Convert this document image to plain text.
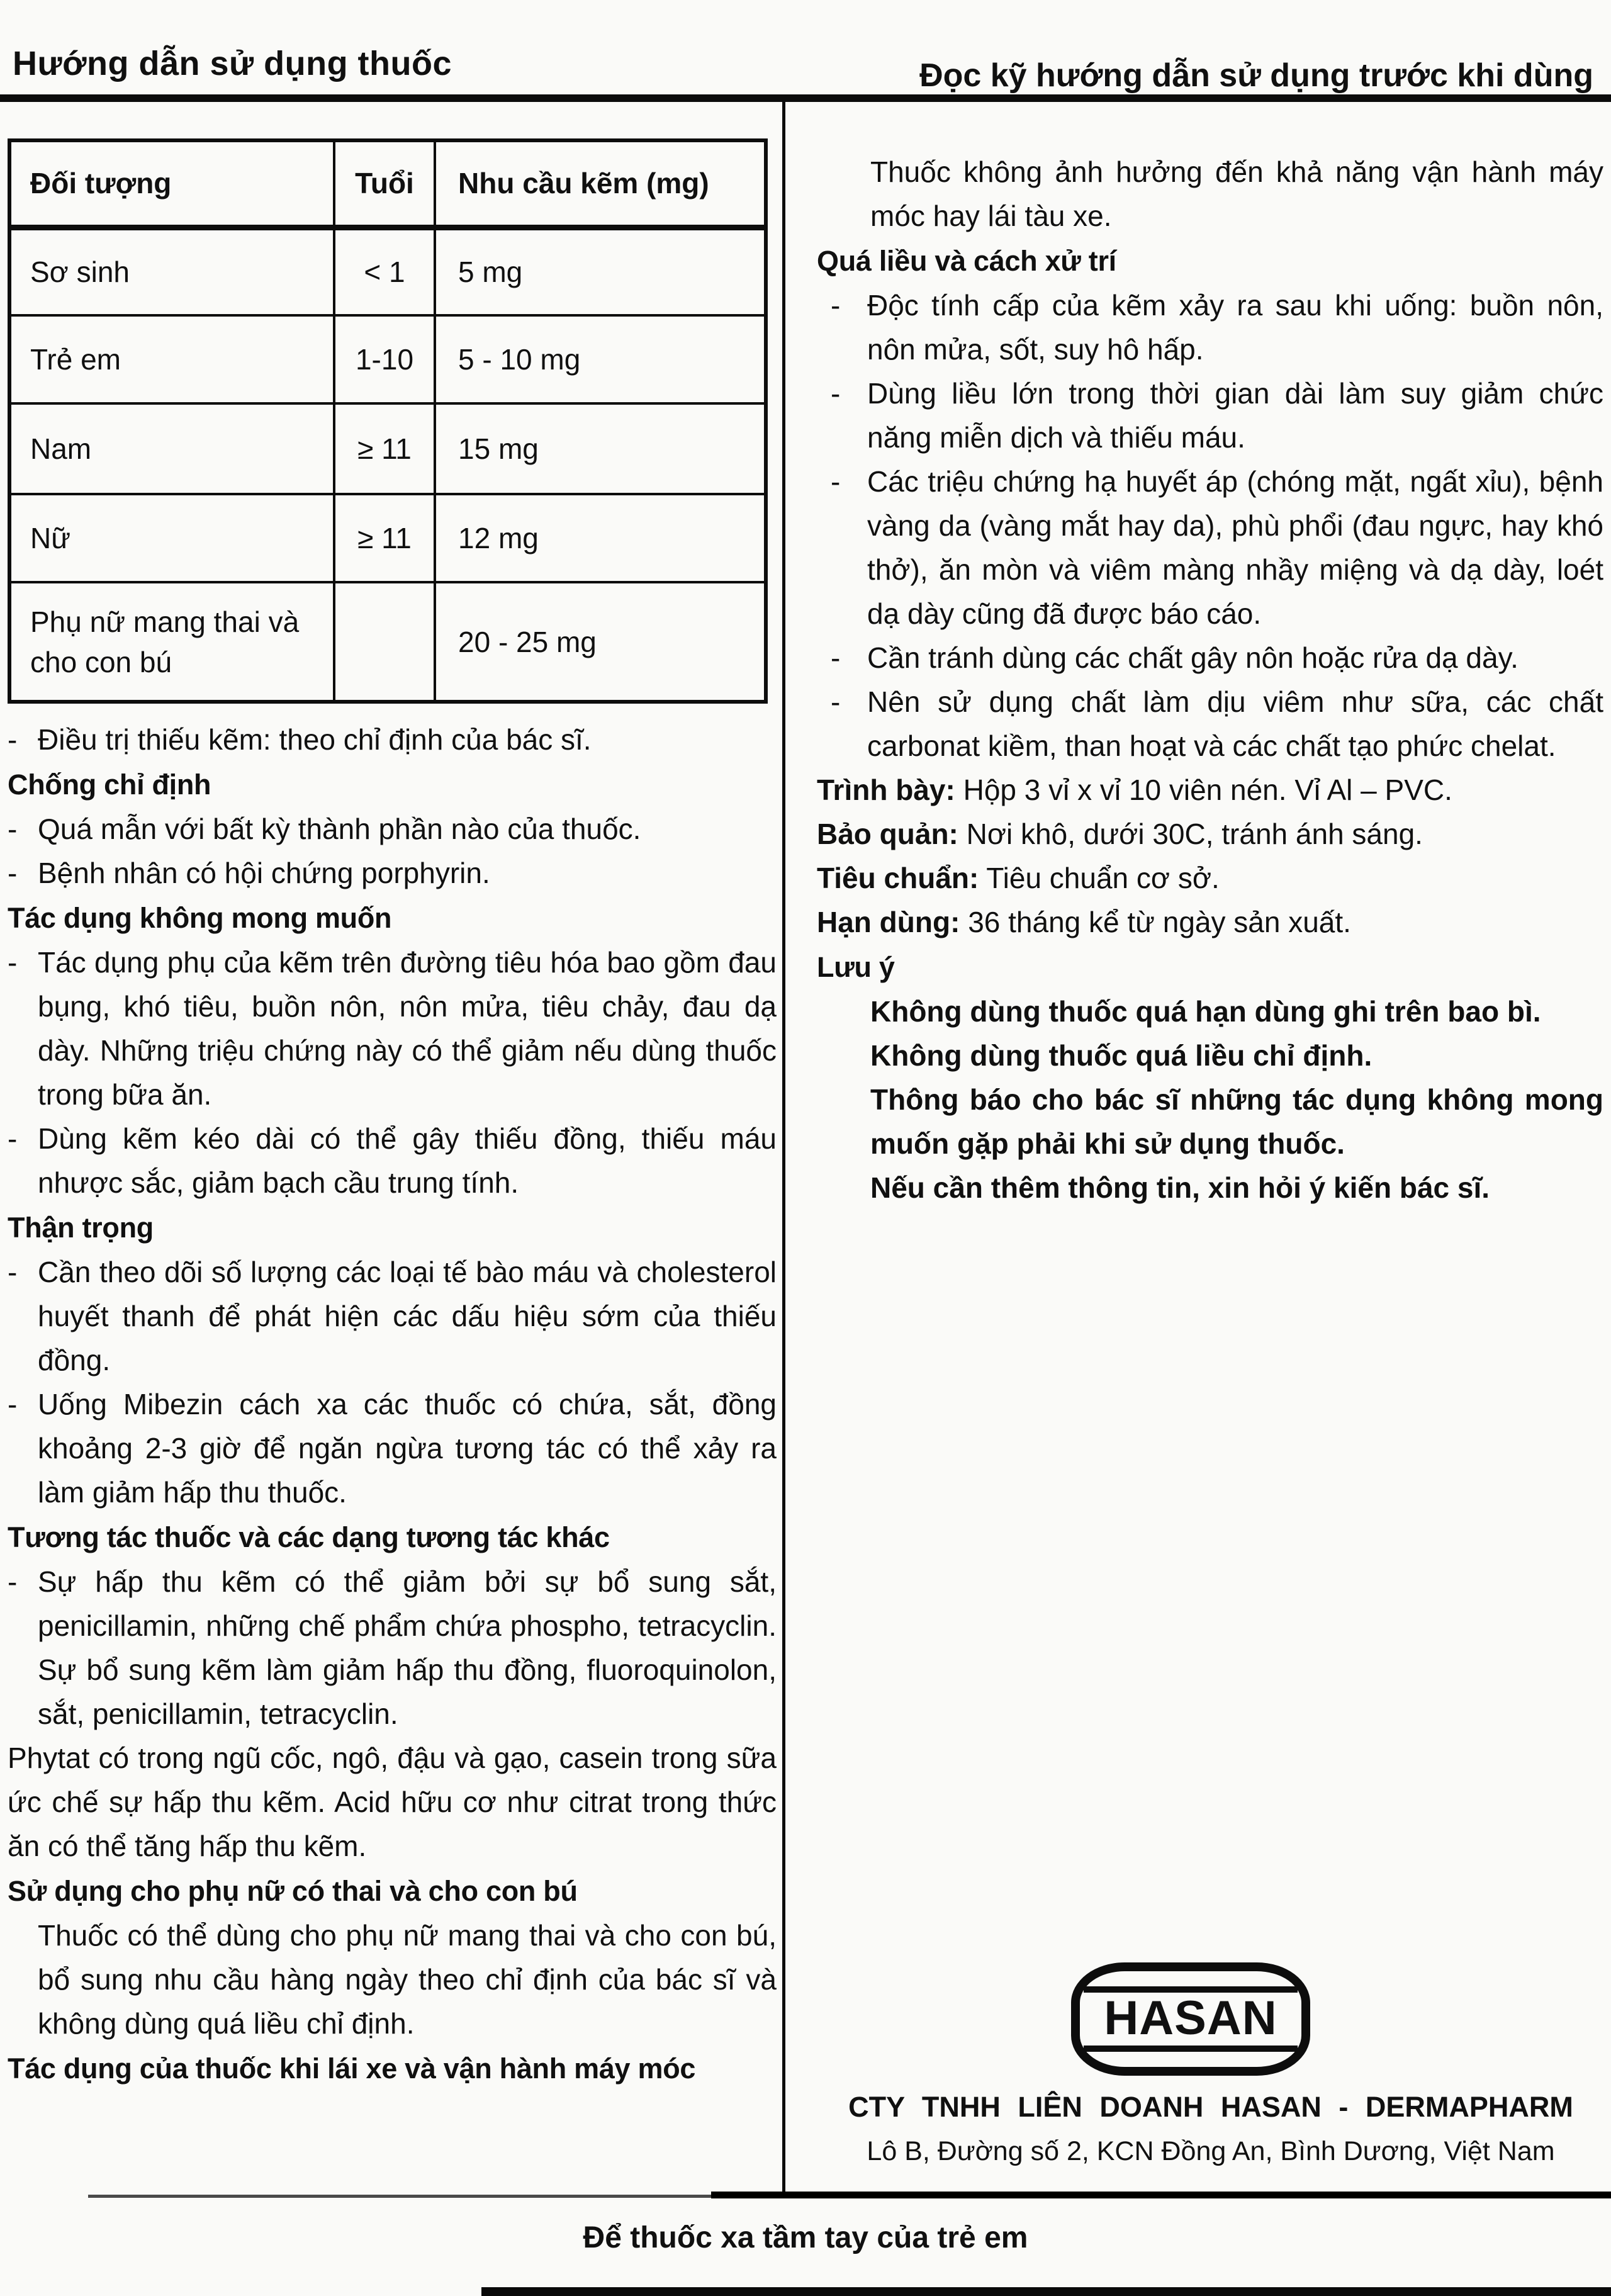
Hướng dẫn sử dụng thuốc	Đọc kỹ hướng dẫn sử dụng trước khi dùng
Đối tượng	Tuổi	Nhu cầu kẽm (mg)
Sơ sinh	< 1	5 mg
Trẻ em	1-10	5 - 10 mg
Nam	≥ 11	15 mg
Nữ	≥ 11	12 mg
Phụ nữ mang thai và cho con bú		20 - 25 mg
- Điều trị thiếu kẽm: theo chỉ định của bác sĩ.
Chống chỉ định
- Quá mẫn với bất kỳ thành phần nào của thuốc.
- Bệnh nhân có hội chứng porphyrin.
Tác dụng không mong muốn
- Tác dụng phụ của kẽm trên đường tiêu hóa bao gồm đau bụng, khó tiêu, buồn nôn, nôn mửa, tiêu chảy, đau dạ dày. Những triệu chứng này có thể giảm nếu dùng thuốc trong bữa ăn.
- Dùng kẽm kéo dài có thể gây thiếu đồng, thiếu máu nhược sắc, giảm bạch cầu trung tính.
Thận trọng
- Cần theo dõi số lượng các loại tế bào máu và cholesterol huyết thanh để phát hiện các dấu hiệu sớm của thiếu đồng.
- Uống Mibezin cách xa các thuốc có chứa, sắt, đồng khoảng 2-3 giờ để ngăn ngừa tương tác có thể xảy ra làm giảm hấp thu thuốc.
Tương tác thuốc và các dạng tương tác khác
- Sự hấp thu kẽm có thể giảm bởi sự bổ sung sắt, penicillamin, những chế phẩm chứa phospho, tetracyclin. Sự bổ sung kẽm làm giảm hấp thu đồng, fluoroquinolon, sắt, penicillamin, tetracyclin.
Phytat có trong ngũ cốc, ngô, đậu và gạo, casein trong sữa ức chế sự hấp thu kẽm. Acid hữu cơ như citrat trong thức ăn có thể tăng hấp thu kẽm.
Sử dụng cho phụ nữ có thai và cho con bú
Thuốc có thể dùng cho phụ nữ mang thai và cho con bú, bổ sung nhu cầu hàng ngày theo chỉ định của bác sĩ và không dùng quá liều chỉ định.
Tác dụng của thuốc khi lái xe và vận hành máy móc
Thuốc không ảnh hưởng đến khả năng vận hành máy móc hay lái tàu xe.
Quá liều và cách xử trí
- Độc tính cấp của kẽm xảy ra sau khi uống: buồn nôn, nôn mửa, sốt, suy hô hấp.
- Dùng liều lớn trong thời gian dài làm suy giảm chức năng miễn dịch và thiếu máu.
- Các triệu chứng hạ huyết áp (chóng mặt, ngất xỉu), bệnh vàng da (vàng mắt hay da), phù phổi (đau ngực, hay khó thở), ăn mòn và viêm màng nhầy miệng và dạ dày, loét dạ dày cũng đã được báo cáo.
- Cần tránh dùng các chất gây nôn hoặc rửa dạ dày.
- Nên sử dụng chất làm dịu viêm như sữa, các chất carbonat kiềm, than hoạt và các chất tạo phức chelat.
Trình bày: Hộp 3 vỉ x vỉ 10 viên nén. Vỉ Al – PVC.
Bảo quản: Nơi khô, dưới 30C, tránh ánh sáng.
Tiêu chuẩn: Tiêu chuẩn cơ sở.
Hạn dùng: 36 tháng kể từ ngày sản xuất.
Lưu ý
Không dùng thuốc quá hạn dùng ghi trên bao bì.
Không dùng thuốc quá liều chỉ định.
Thông báo cho bác sĩ những tác dụng không mong muốn gặp phải khi sử dụng thuốc.
Nếu cần thêm thông tin, xin hỏi ý kiến bác sĩ.
HASAN
CTY TNHH LIÊN DOANH HASAN - DERMAPHARM
Lô B, Đường số 2, KCN Đồng An, Bình Dương, Việt Nam
Để thuốc xa tầm tay của trẻ em
